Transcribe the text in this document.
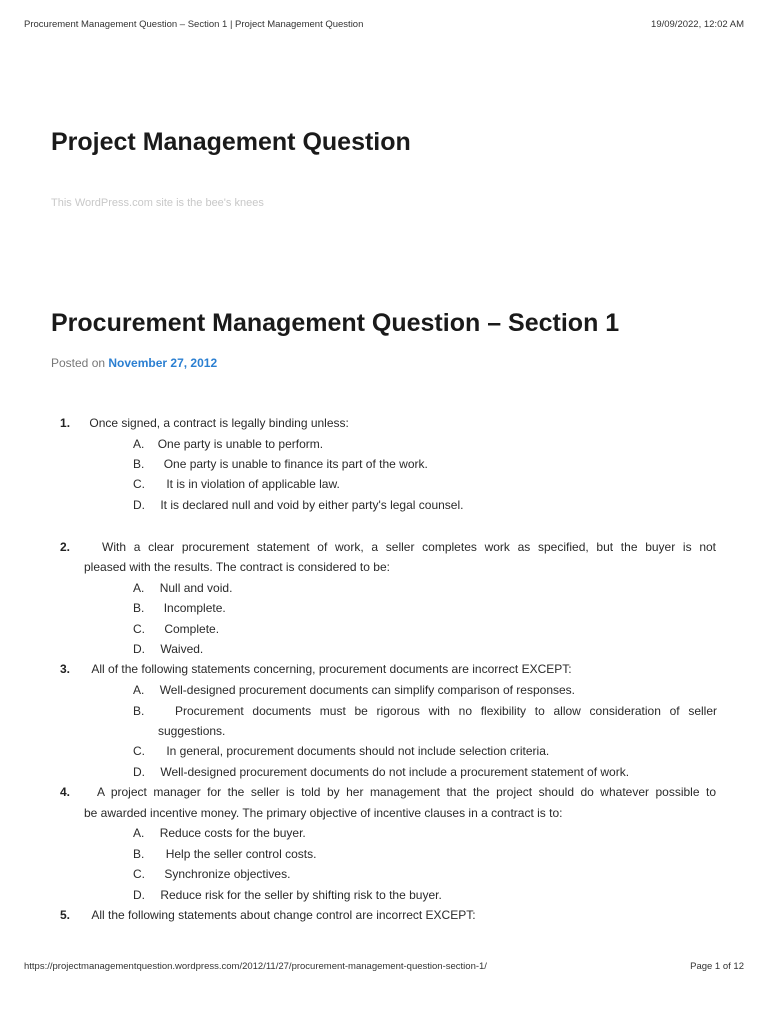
Procurement Management Question – Section 1 | Project Management Question	19/09/2022, 12:02 AM
Project Management Question
This WordPress.com site is the bee's knees
Procurement Management Question – Section 1
Posted on November 27, 2012
1. Once signed, a contract is legally binding unless:
A. One party is unable to perform.
B. One party is unable to finance its part of the work.
C. It is in violation of applicable law.
D. It is declared null and void by either party's legal counsel.
2.	With a clear procurement statement of work, a seller completes work as specified, but the buyer is not
pleased with the results. The contract is considered to be:
A. Null and void.
B. Incomplete.
C. Complete.
D. Waived.
3. All of the following statements concerning, procurement documents are incorrect EXCEPT:
A. Well-designed procurement documents can simplify comparison of responses.
B.	Procurement documents must be rigorous with no flexibility to allow consideration of seller
suggestions.
C. In general, procurement documents should not include selection criteria.
D. Well-designed procurement documents do not include a procurement statement of work.
4. A project manager for the seller is told by her management that the project should do whatever possible to
be awarded incentive money. The primary objective of incentive clauses in a contract is to:
A. Reduce costs for the buyer.
B. Help the seller control costs.
C. Synchronize objectives.
D. Reduce risk for the seller by shifting risk to the buyer.
5. All the following statements about change control are incorrect EXCEPT:
https://projectmanagementquestion.wordpress.com/2012/11/27/procurement-management-question-section-1/	Page 1 of 12
